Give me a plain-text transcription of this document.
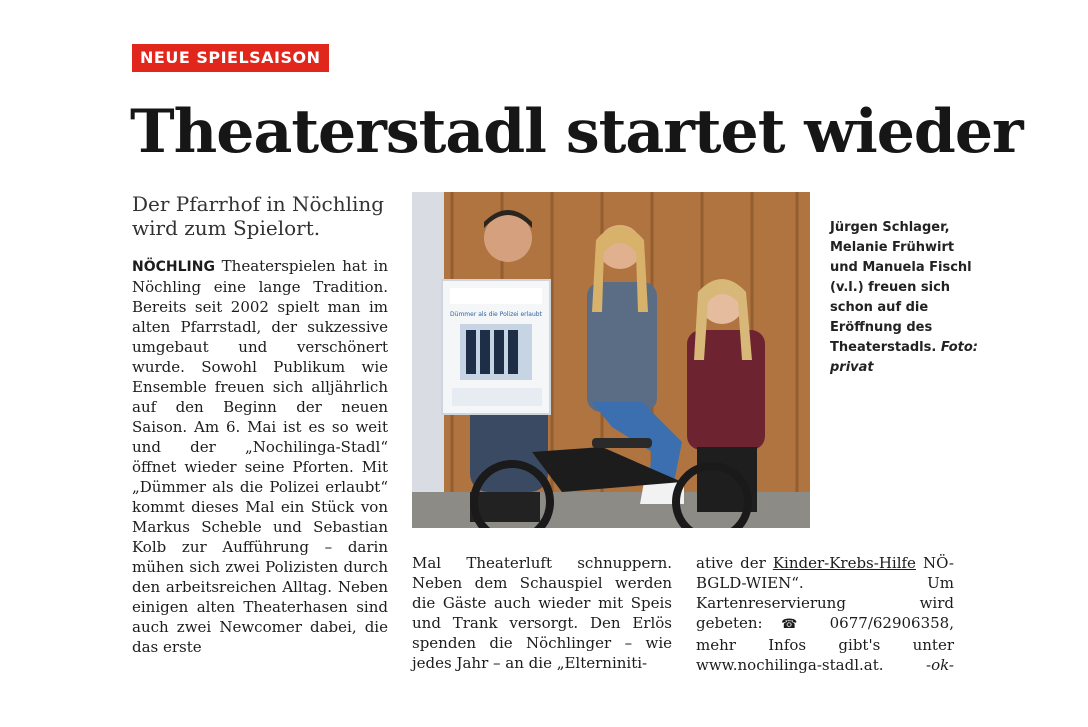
NEUE SPIELSAISON
Theaterstadl startet wieder
Der Pfarrhof in Nöchling wird zum Spielort.

NÖCHLING Theaterspielen hat in Nöchling eine lange Tradition. Bereits seit 2002 spielt man im alten Pfarrstadl, der sukzessive umgebaut und verschönert wurde. Sowohl Publikum wie Ensemble freuen sich alljährlich auf den Beginn der neuen Saison. Am 6. Mai ist es so weit und der „Nochilinga-Stadl“ öffnet wieder seine Pforten. Mit „Dümmer als die Polizei erlaubt“ kommt dieses Mal ein Stück von Markus Scheble und Sebastian Kolb zur Aufführung – darin mühen sich zwei Polizisten durch den arbeitsreichen Alltag. Neben einigen alten Theaterhasen sind auch zwei Newcomer dabei, die das erste

Mal Theaterluft schnuppern. Neben dem Schauspiel werden die Gäste auch wieder mit Speis und Trank versorgt. Den Erlös spenden die Nöchlinger – wie jedes Jahr – an die „Elterniniti-

ative der Kinder-Krebs-Hilfe NÖ-BGLD-WIEN“. Um Kartenreservierung wird gebeten: ☎ 0677/62906358, mehr Infos gibt's unter www.nochilinga-stadl.at.	-ok-

Dümmer als die Polizei erlaubt
Jürgen Schlager, Melanie Frühwirt und Manuela Fischl (v.l.) freuen sich schon auf die Eröffnung des Theaterstadls. Foto: privat
